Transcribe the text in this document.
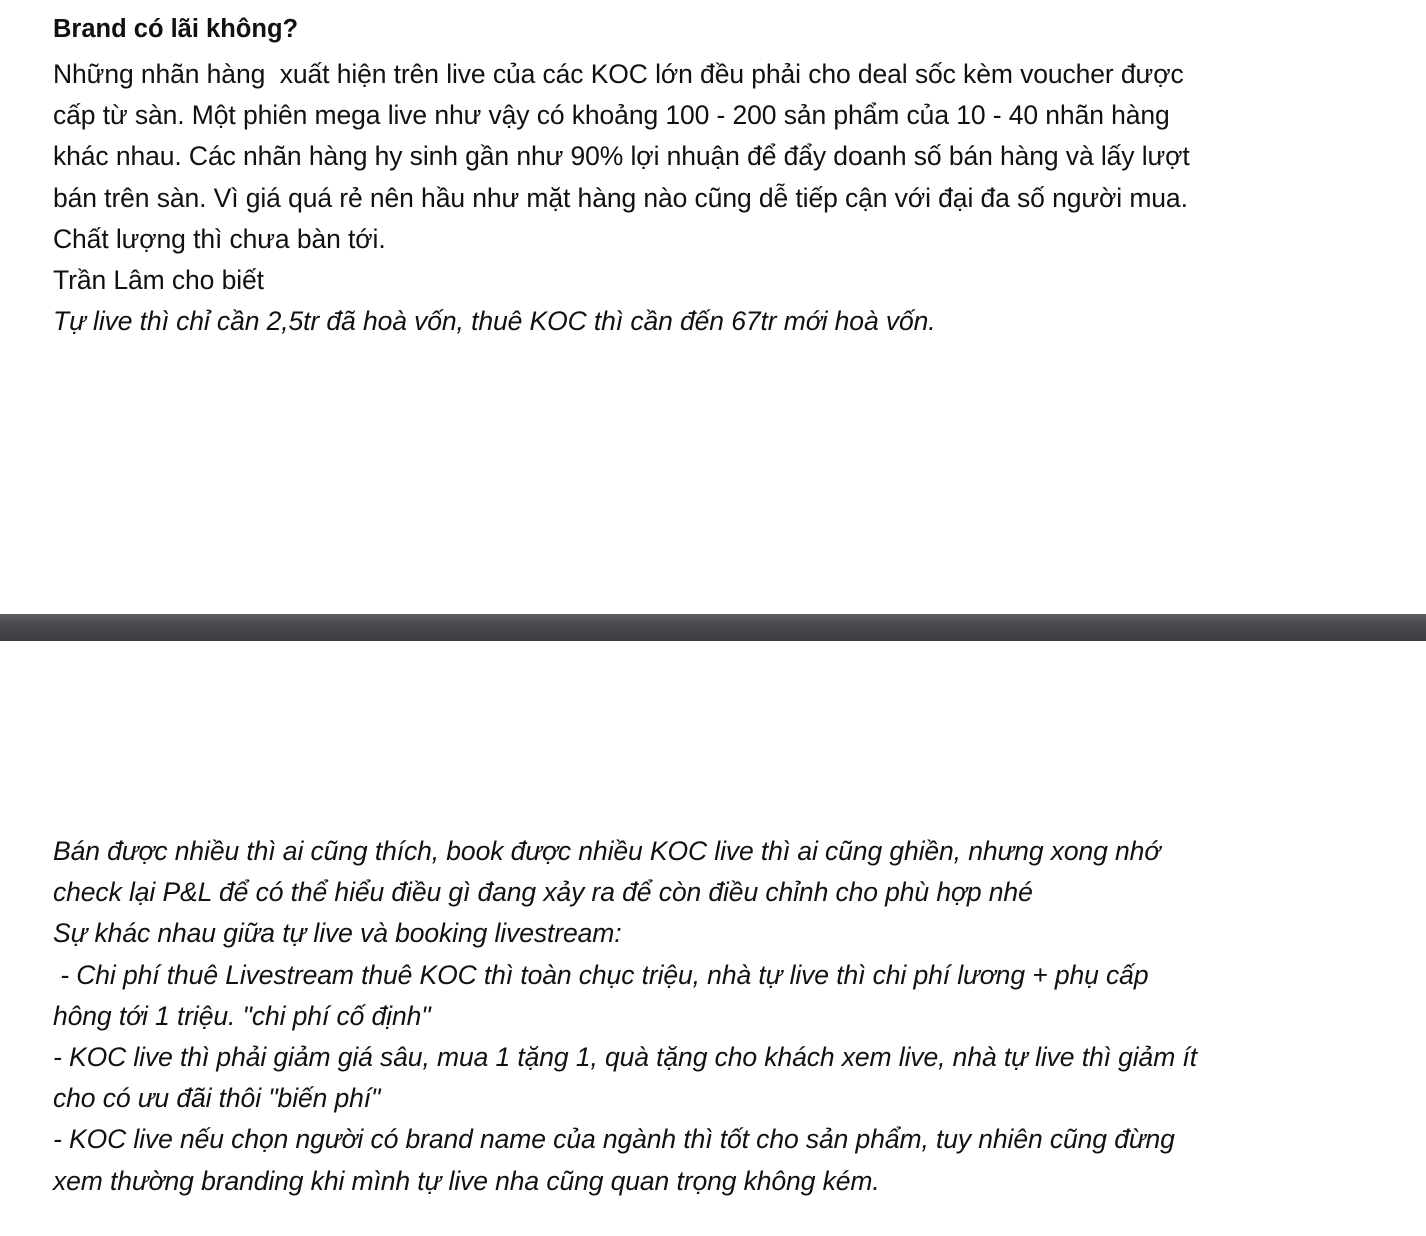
Brand có lãi không?
Những nhãn hàng  xuất hiện trên live của các KOC lớn đều phải cho deal sốc kèm voucher được
cấp từ sàn. Một phiên mega live như vậy có khoảng 100 - 200 sản phẩm của 10 - 40 nhãn hàng
khác nhau. Các nhãn hàng hy sinh gần như 90% lợi nhuận để đẩy doanh số bán hàng và lấy lượt
bán trên sàn. Vì giá quá rẻ nên hầu như mặt hàng nào cũng dễ tiếp cận với đại đa số người mua.
Chất lượng thì chưa bàn tới.
Trần Lâm cho biết
Tự live thì chỉ cần 2,5tr đã hoà vốn, thuê KOC thì cần đến 67tr mới hoà vốn.
Bán được nhiều thì ai cũng thích, book được nhiều KOC live thì ai cũng ghiền, nhưng xong nhớ
check lại P&L để có thể hiểu điều gì đang xảy ra để còn điều chỉnh cho phù hợp nhé
Sự khác nhau giữa tự live và booking livestream:
- Chi phí thuê Livestream thuê KOC thì toàn chục triệu, nhà tự live thì chi phí lương + phụ cấp
hông tới 1 triệu. "chi phí cố định"
- KOC live thì phải giảm giá sâu, mua 1 tặng 1, quà tặng cho khách xem live, nhà tự live thì giảm ít
cho có ưu đãi thôi "biến phí"
- KOC live nếu chọn người có brand name của ngành thì tốt cho sản phẩm, tuy nhiên cũng đừng
xem thường branding khi mình tự live nha cũng quan trọng không kém.
